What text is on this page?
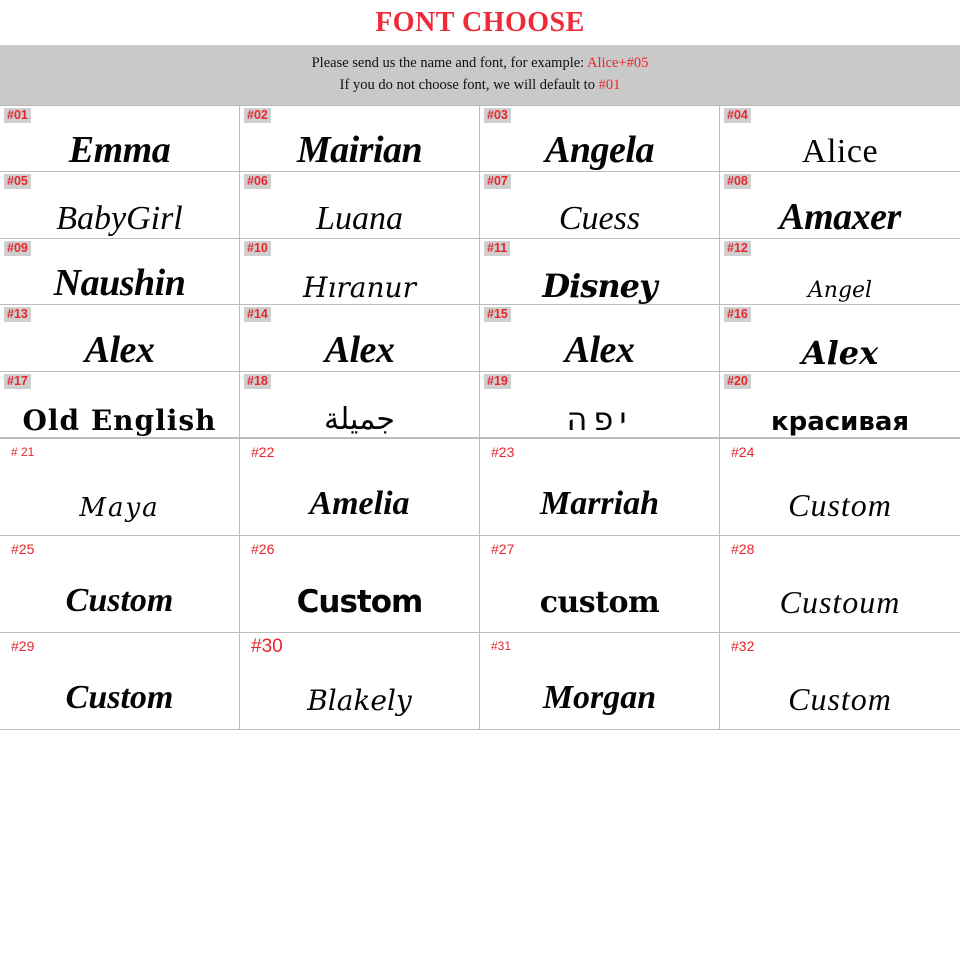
FONT CHOOSE
Please send us the name and font, for example: Alice+#05
If you do not choose font, we will default to #01
#01
Emma
#02
Mairian
#03
Angela
#04
Alice
#05
BabyGirl
#06
Luana
#07
Cuess
#08
Amaxer
#09
Naushin
#10
Hıranur
#11
Disney
#12
Angel
#13
Alex
#14
Alex
#15
Alex
#16
Alex
#17
Old English
#18
جميلة
#19
יפה
#20
красивая
# 21
Maya
#22
Amelia
#23
Marriah
#24
Custom
#25
Custom
#26
Custom
#27
custom
#28
Custoum
#29
Custom
#30
Blakely
#31
Morgan
#32
Custom
